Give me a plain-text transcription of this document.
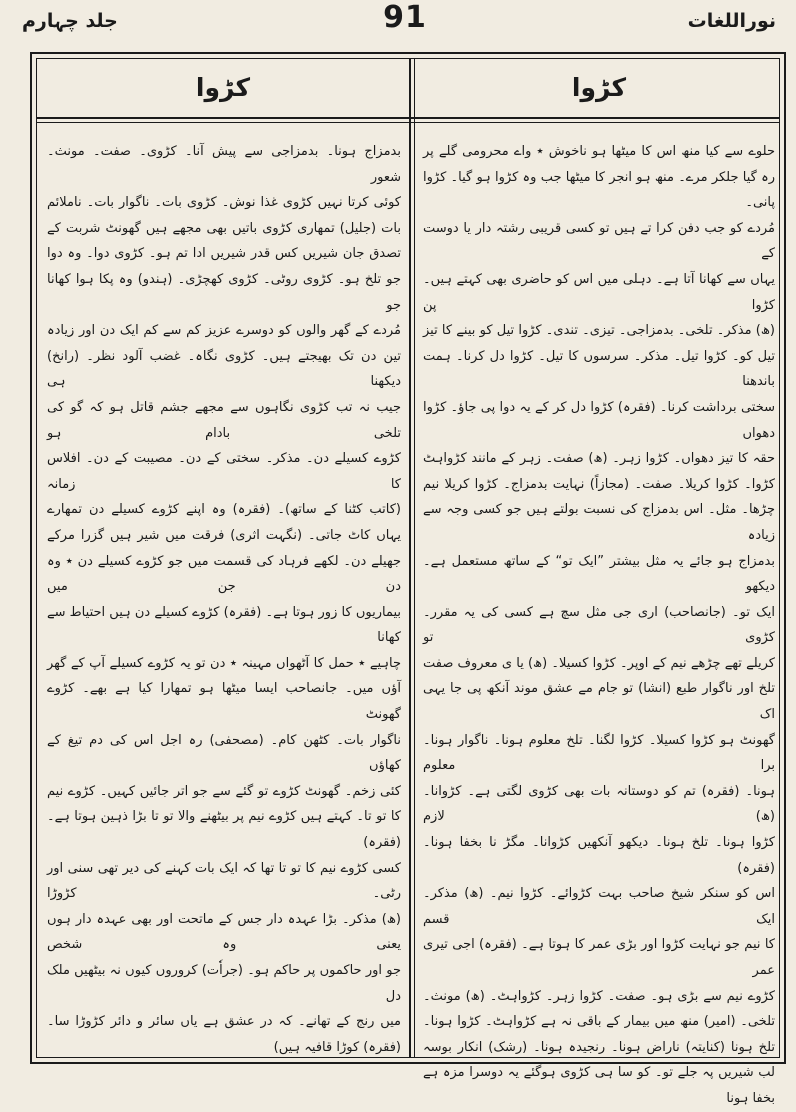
جلد چہارم	91	نوراللغات
کڑوا	کڑوا

حلوے سے کیا منھ اس کا میٹھا ہو ناخوش ٭ واے محرومی گلے پر

رہ گیا جلکر مرے۔ منھ ہو انجر کا میٹھا جب وہ کڑوا ہو گیا۔ کڑوا پانی۔

مُردے کو جب دفن کرا تے ہیں تو کسی قریبی رشتہ دار یا دوست کے

یہاں سے کھانا آتا ہے۔ دہلی میں اس کو حاضری بھی کہتے ہیں۔ کڑوا پن

(ھ) مذکر۔ تلخی۔ بدمزاجی۔ تیزی۔ تندی۔ کڑوا تیل کو بینے کا تیز

تیل کو۔ کڑوا تیل۔ مذکر۔ سرسوں کا تیل۔ کڑوا دل کرنا۔ ہمت باندھنا

سختی برداشت کرنا۔ (فقرہ) کڑوا دل کر کے یہ دوا پی جاؤ۔ کڑوا دھواں

حقہ کا تیز دھواں۔ کڑوا زہر۔ (ھ) صفت۔ زہر کے مانند کڑواہٹ

کڑوا۔ کڑوا کریلا۔ صفت۔ (مجازاً) نہایت بدمزاج۔ کڑوا کریلا نیم

چڑھا۔ مثل۔ اس بدمزاج کی نسبت بولتے ہیں جو کسی وجہ سے زیادہ

بدمزاج ہو جائے یہ مثل بیشتر ”ایک تو“ کے ساتھ مستعمل ہے۔ دیکھو

ایک تو۔ (جانصاحب) اری جی مثل سچ ہے کسی کی یہ مقرر۔ کڑوی تو

کریلے تھے چڑھے نیم کے اوپر۔ کڑوا کسیلا۔ (ھ) یا ی معروف صفت

تلخ اور ناگوار طبع (انشا) تو جام مے عشق موند آنکھ پی جا یہی اک

گھونٹ ہو کڑوا کسیلا۔ کڑوا لگنا۔ تلخ معلوم ہونا۔ ناگوار ہونا۔ برا معلوم

ہونا۔ (فقرہ) تم کو دوستانہ بات بھی کڑوی لگتی ہے۔ کڑوانا۔ (ھ) لازم

کڑوا ہونا۔ تلخ ہونا۔ دیکھو آنکھیں کڑوانا۔ مگڑ نا بخفا ہونا۔ (فقرہ)

اس کو سنکر شیخ صاحب بہت کڑوائے۔ کڑوا نیم۔ (ھ) مذکر۔ ایک قسم

کا نیم جو نہایت کڑوا اور بڑی عمر کا ہوتا ہے۔ (فقرہ) اجی تیری عمر

کڑوے نیم سے بڑی ہو۔ صفت۔ کڑوا زہر۔ کڑواہٹ۔ (ھ) مونث۔

تلخی۔ (امیر) منھ میں بیمار کے باقی نہ ہے کڑواہٹ۔ کڑوا ہونا۔

تلخ ہونا (کنایتہ) ناراض ہونا۔ رنجیدہ ہونا۔ (رشک) انکار بوسہ

لب شیریں پہ جلے تو۔ کو سا ہی کڑوی ہوگئے یہ دوسرا مزہ ہے بخفا ہونا

بدمزاج ہونا۔ بدمزاجی سے پیش آنا۔ کڑوی۔ صفت۔ مونث۔ شعور

کوئی کرتا نہیں کڑوی غذا نوش۔ کڑوی بات۔ ناگوار بات۔ ناملائم

بات (جلیل) تمھاری کڑوی باتیں بھی مجھے ہیں گھونٹ شربت کے

تصدق جان شیریں کس قدر شیریں ادا تم ہو۔ کڑوی دوا۔ وہ دوا

جو تلخ ہو۔ کڑوی روٹی۔ کڑوی کھچڑی۔ (ہندو) وہ پکا ہوا کھانا جو

مُردے کے گھر والوں کو دوسرے عزیز کم سے کم ایک دن اور زیادہ

تین دن تک بھیجتے ہیں۔ کڑوی نگاہ۔ غضب آلود نظر۔ (رانخ) دیکھنا ہی

جیب نہ تب کڑوی نگاہوں سے مجھے جشم قاتل ہو کہ گو کی تلخی بادام ہو

کڑوے کسیلے دن۔ مذکر۔ سختی کے دن۔ مصیبت کے دن۔ افلاس کا زمانہ

(کاتب کٹنا کے ساتھ)۔ (فقرہ) وہ اپنے کڑوے کسیلے دن تمھارے

یہاں کاٹ جاتی۔ (نگہت اثری) فرقت میں شیر ہیں گزرا مرکے

جھیلے دن۔ لکھے فرہاد کی قسمت میں جو کڑوے کسیلے دن ٭ وہ دن جن میں

بیماریوں کا زور ہوتا ہے۔ (فقرہ) کڑوے کسیلے دن ہیں احتیاط سے کھانا

چاہیے ٭ حمل کا آٹھواں مہینہ ٭ دن تو یہ کڑوے کسیلے آپ کے گھر

آؤں میں۔ جانصاحب ایسا میٹھا ہو تمھارا کیا ہے بھے۔ کڑوے گھونٹ

ناگوار بات۔ کٹھن کام۔ (مصحفی) رہ اجل اس کی دم تیغ کے کھاؤں

کئی زخم۔ گھونٹ کڑوے تو گئے سے جو اتر جائیں کہیں۔ کڑوے نیم

کا تو تا۔ کہتے ہیں کڑوے نیم پر بیٹھنے والا تو تا بڑا ذہین ہوتا ہے۔ (فقرہ)

کسی کڑوے نیم کا تو تا تھا کہ ایک بات کہنے کی دیر تھی سنی اور رٹی۔ کڑوڑا

(ھ) مذکر۔ بڑا عہدہ دار جس کے ماتحت اور بھی عہدہ دار ہوں یعنی وہ شخص

جو اور حاکموں پر حاکم ہو۔ (جراٗت) کروروں کیوں نہ بیٹھیں ملک دل

میں رنج کے تھانے۔ کہ در عشق ہے یاں سائر و دائر کڑوڑا سا۔

(فقرہ) کوڑا قافیہ ہیں)
